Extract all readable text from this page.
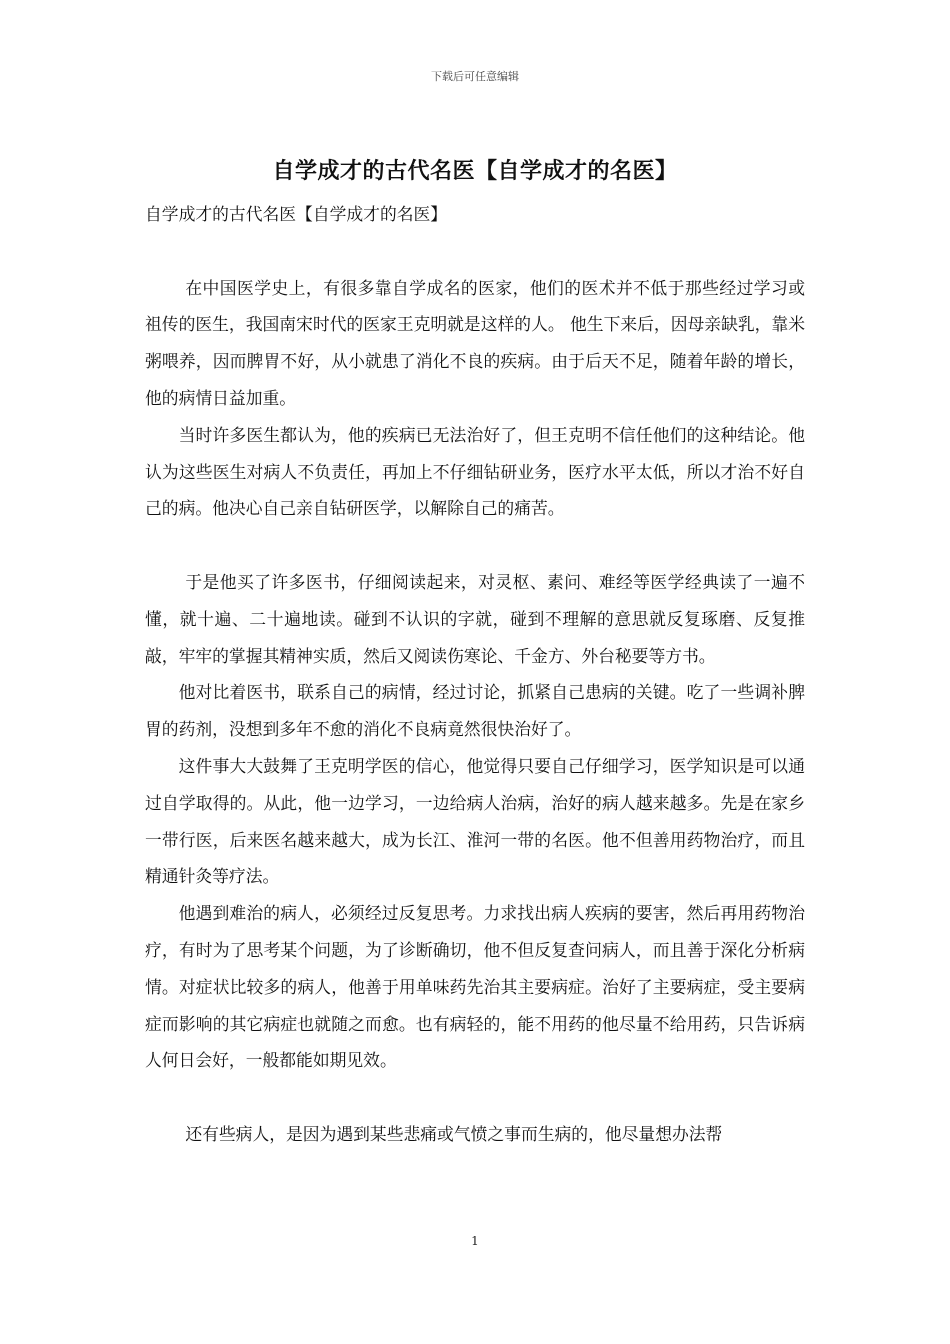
下载后可任意编辑
自学成才的古代名医【自学成才的名医】

自学成才的古代名医【自学成才的名医】

在中国医学史上，有很多靠自学成名的医家，他们的医术并不低于那些经过学习或祖传的医生，我国南宋时代的医家王克明就是这样的人。 他生下来后，因母亲缺乳，靠米粥喂养，因而脾胃不好，从小就患了消化不良的疾病。由于后天不足，随着年龄的增长，他的病情日益加重。

当时许多医生都认为，他的疾病已无法治好了，但王克明不信任他们的这种结论。他认为这些医生对病人不负责任，再加上不仔细钻研业务，医疗水平太低，所以才治不好自己的病。他决心自己亲自钻研医学，以解除自己的痛苦。

于是他买了许多医书，仔细阅读起来，对灵枢、素问、难经等医学经典读了一遍不懂，就十遍、二十遍地读。碰到不认识的字就，碰到不理解的意思就反复琢磨、反复推敲，牢牢的掌握其精神实质，然后又阅读伤寒论、千金方、外台秘要等方书。

他对比着医书，联系自己的病情，经过讨论，抓紧自己患病的关键。吃了一些调补脾胃的药剂，没想到多年不愈的消化不良病竟然很快治好了。

这件事大大鼓舞了王克明学医的信心，他觉得只要自己仔细学习，医学知识是可以通过自学取得的。从此，他一边学习，一边给病人治病，治好的病人越来越多。先是在家乡一带行医，后来医名越来越大，成为长江、淮河一带的名医。他不但善用药物治疗，而且精通针灸等疗法。

他遇到难治的病人，必须经过反复思考。力求找出病人疾病的要害，然后再用药物治疗，有时为了思考某个问题，为了诊断确切，他不但反复查问病人，而且善于深化分析病情。对症状比较多的病人，他善于用单味药先治其主要病症。治好了主要病症，受主要病症而影响的其它病症也就随之而愈。也有病轻的，能不用药的他尽量不给用药，只告诉病人何日会好，一般都能如期见效。

还有些病人，是因为遇到某些悲痛或气愤之事而生病的，他尽量想办法帮

1
